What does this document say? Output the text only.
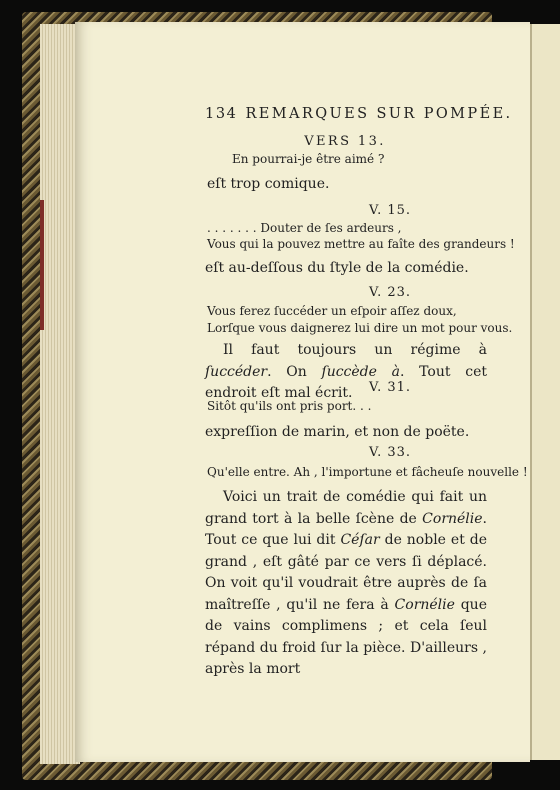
134 REMARQUES SUR POMPÉE.
VERS 13.
En pourrai-je être aimé ?
eſt trop comique.
V. 15.
. . . . . . . Douter de ſes ardeurs ,
Vous qui la pouvez mettre au faîte des grandeurs !
eſt au-deſſous du ſtyle de la comédie.
V. 23.
Vous ferez ſuccéder un eſpoir aſſez doux,
Lorſque vous daignerez lui dire un mot pour vous.
Il faut toujours un régime à ſuccéder. On ſuccède à. Tout cet endroit eſt mal écrit.	V. 31.
Sitôt qu'ils ont pris port. . .
expreſſion de marin, et non de poëte.
V. 33.
Qu'elle entre. Ah , l'importune et fâcheuſe nouvelle !
Voici un trait de comédie qui fait un grand tort à la belle ſcène de Cornélie. Tout ce que lui dit Céſar de noble et de grand , eſt gâté par ce vers ſi déplacé. On voit qu'il voudrait être auprès de ſa maîtreſſe , qu'il ne fera à Cornélie que de vains complimens ; et cela ſeul répand du froid ſur la pièce. D'ailleurs , après la mort
